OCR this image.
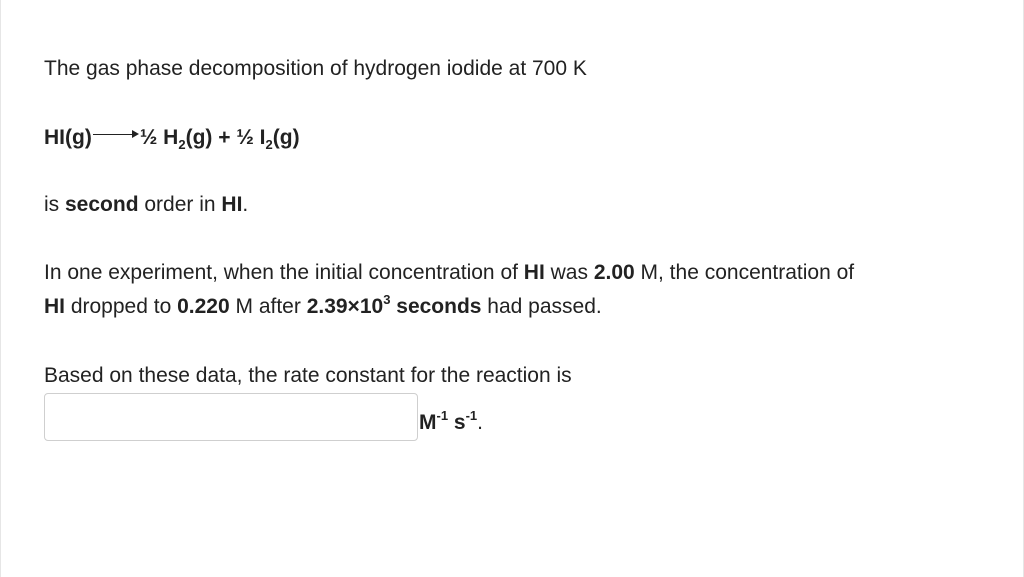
The gas phase decomposition of hydrogen iodide at 700 K
HI(g) ½ $H_2(g)$ + ½ $I_2(g)$
is second order in HI.
In one experiment, when the initial concentration of HI was 2.00 M, the concentration of
HI dropped to 0.220 M after $2.39\times 10^3$ seconds had passed.
Based on these data, the rate constant for the reaction is
$M^{-1}$ $s^{-1}$.
